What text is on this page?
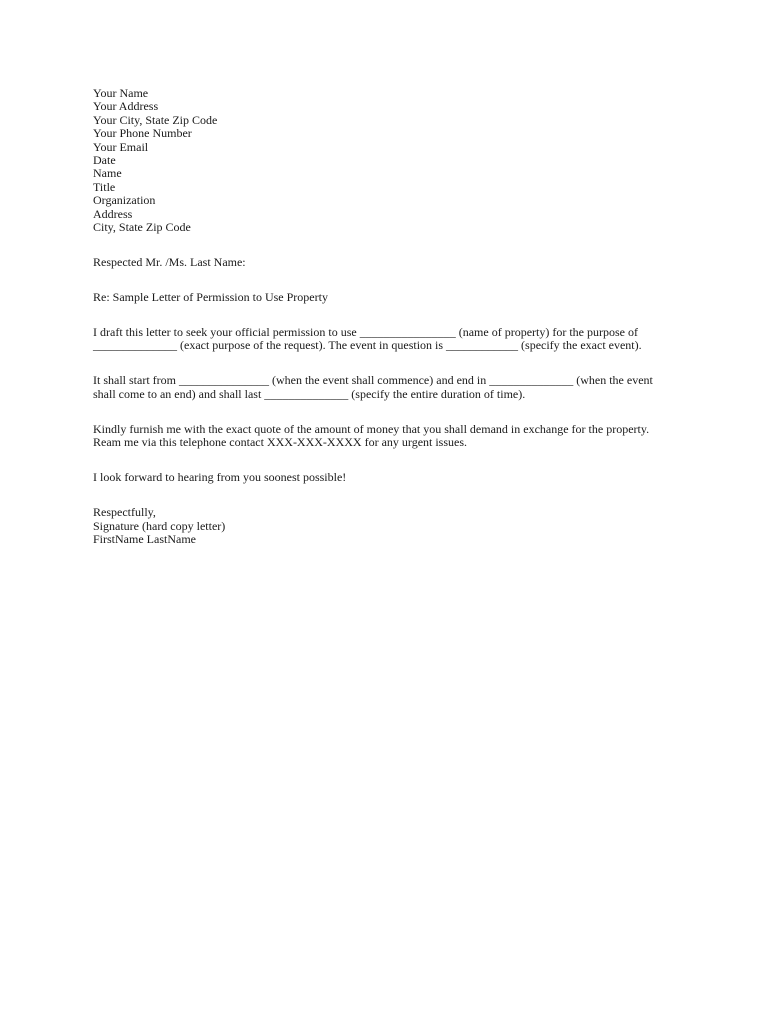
Your Name
Your Address
Your City, State Zip Code
Your Phone Number
Your Email
Date
Name
Title
Organization
Address
City, State Zip Code

Respected Mr. /Ms. Last Name:

Re: Sample Letter of Permission to Use Property

I draft this letter to seek your official permission to use ________________ (name of property) for the purpose of
______________ (exact purpose of the request). The event in question is ____________ (specify the exact event).

It shall start from _______________ (when the event shall commence) and end in ______________ (when the event
shall come to an end) and shall last ______________ (specify the entire duration of time).

Kindly furnish me with the exact quote of the amount of money that you shall demand in exchange for the property.
Ream me via this telephone contact XXX-XXX-XXXX for any urgent issues.

I look forward to hearing from you soonest possible!

Respectfully,
Signature (hard copy letter)
FirstName LastName
